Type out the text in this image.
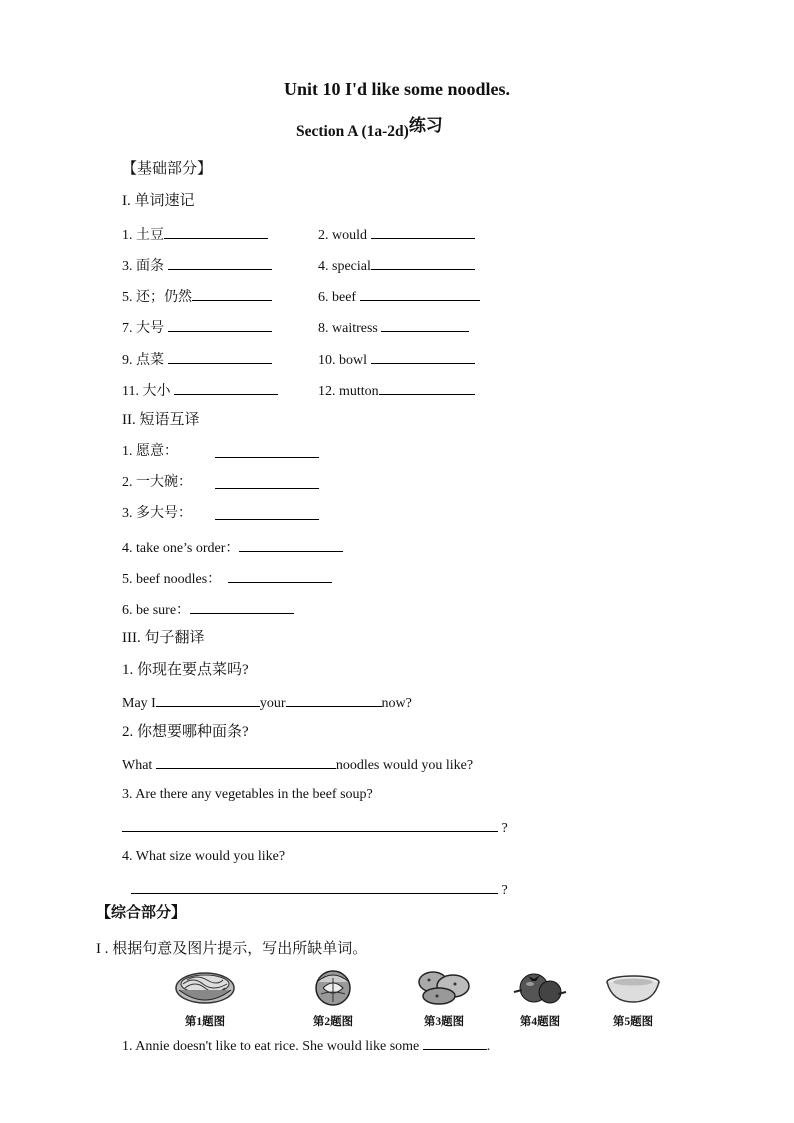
Unit 10 I'd like some noodles.
Section A (1a-2d)练习
【基础部分】
I. 单词速记
1. 土豆	2. would
3. 面条	4. special
5. 还；仍然	6. beef
7. 大号	8. waitress
9. 点菜	10. bowl
11. 大小	12. mutton
II. 短语互译
1. 愿意：
2. 一大碗：
3. 多大号：
4. take one’s order：
5. beef noodles：
6. be sure：
III. 句子翻译
1. 你现在要点菜吗?
May I	your	now?
2. 你想要哪种面条?
What	noodles would you like?
3. Are there any vegetables in the beef soup?
?
4. What size would you like?
?
【综合部分】
I . 根据句意及图片提示，写出所缺单词。
第1题图	第2题图	第3题图	第4题图	第5题图
1. Annie doesn't like to eat rice. She would like some	.
